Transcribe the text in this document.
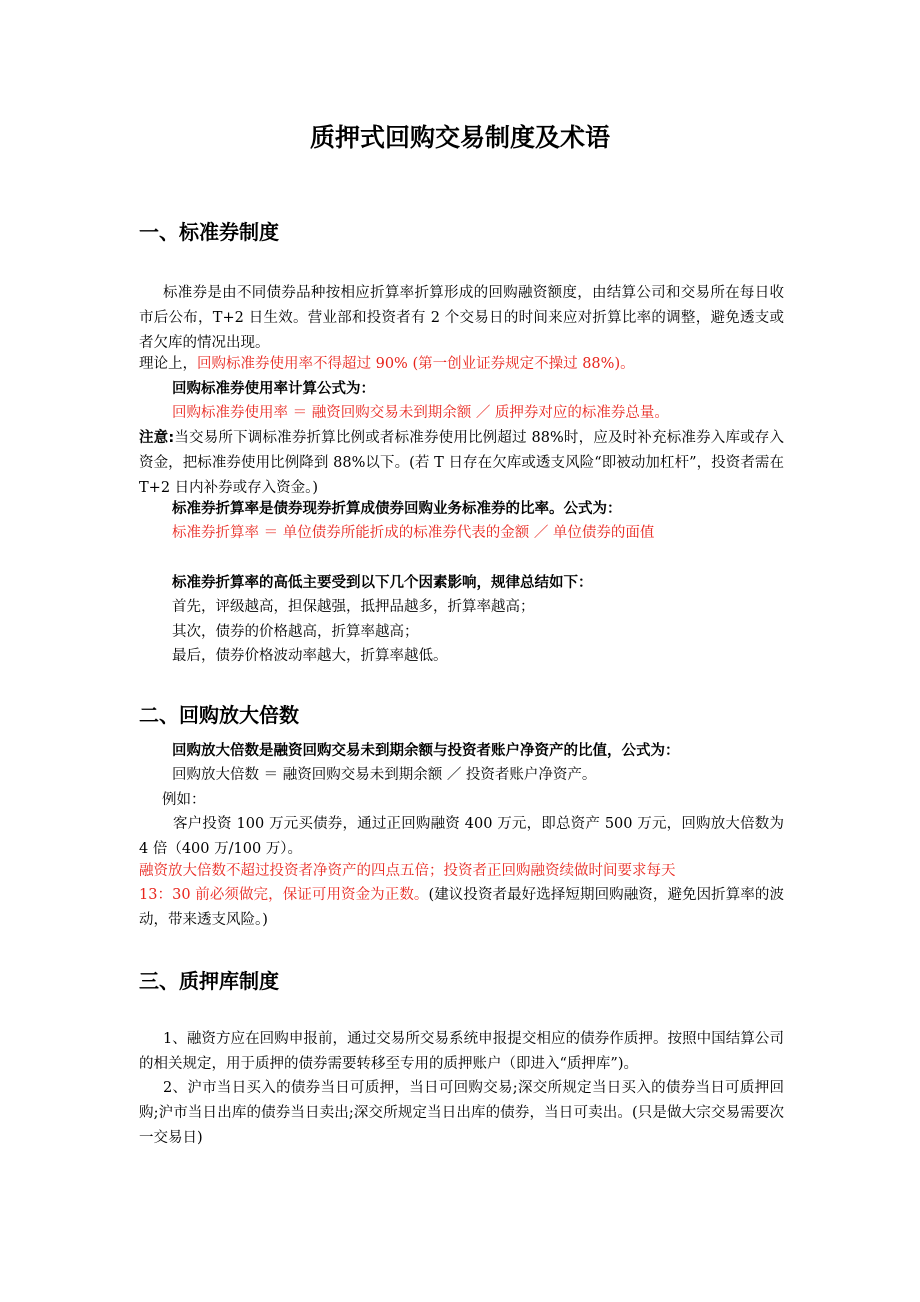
质押式回购交易制度及术语
一、标准券制度
标准券是由不同债券品种按相应折算率折算形成的回购融资额度，由结算公司和交易所在每日收市后公布，T+2 日生效。营业部和投资者有 2 个交易日的时间来应对折算比率的调整，避免透支或者欠库的情况出现。
理论上，回购标准券使用率不得超过 90% (第一创业证券规定不操过 88%)。
回购标准券使用率计算公式为：
回购标准券使用率 ＝ 融资回购交易未到期余额 ／ 质押券对应的标准券总量。
注意:当交易所下调标准券折算比例或者标准券使用比例超过 88%时，应及时补充标准券入库或存入资金，把标准券使用比例降到 88%以下。(若 T 日存在欠库或透支风险“即被动加杠杆”，投资者需在 T+2 日内补券或存入资金。)
标准券折算率是债券现券折算成债券回购业务标准券的比率。公式为：
标准券折算率 ＝ 单位债券所能折成的标准券代表的金额 ／ 单位债券的面值
标准券折算率的高低主要受到以下几个因素影响，规律总结如下：
首先，评级越高，担保越强，抵押品越多，折算率越高；
其次，债券的价格越高，折算率越高；
最后，债券价格波动率越大，折算率越低。
二、回购放大倍数
回购放大倍数是融资回购交易未到期余额与投资者账户净资产的比值，公式为：
回购放大倍数 ＝ 融资回购交易未到期余额 ／ 投资者账户净资产。
例如：
客户投资 100 万元买债券，通过正回购融资 400 万元，即总资产 500 万元，回购放大倍数为 4 倍（400 万/100 万）。
融资放大倍数不超过投资者净资产的四点五倍；投资者正回购融资续做时间要求每天
13：30 前必须做完，保证可用资金为正数。(建议投资者最好选择短期回购融资，避免因折算率的波动，带来透支风险。)
三、质押库制度
1、融资方应在回购申报前，通过交易所交易系统申报提交相应的债券作质押。按照中国结算公司的相关规定，用于质押的债券需要转移至专用的质押账户（即进入“质押库”)。
2、沪市当日买入的债券当日可质押，当日可回购交易;深交所规定当日买入的债券当日可质押回购;沪市当日出库的债券当日卖出;深交所规定当日出库的债券，当日可卖出。(只是做大宗交易需要次一交易日)
